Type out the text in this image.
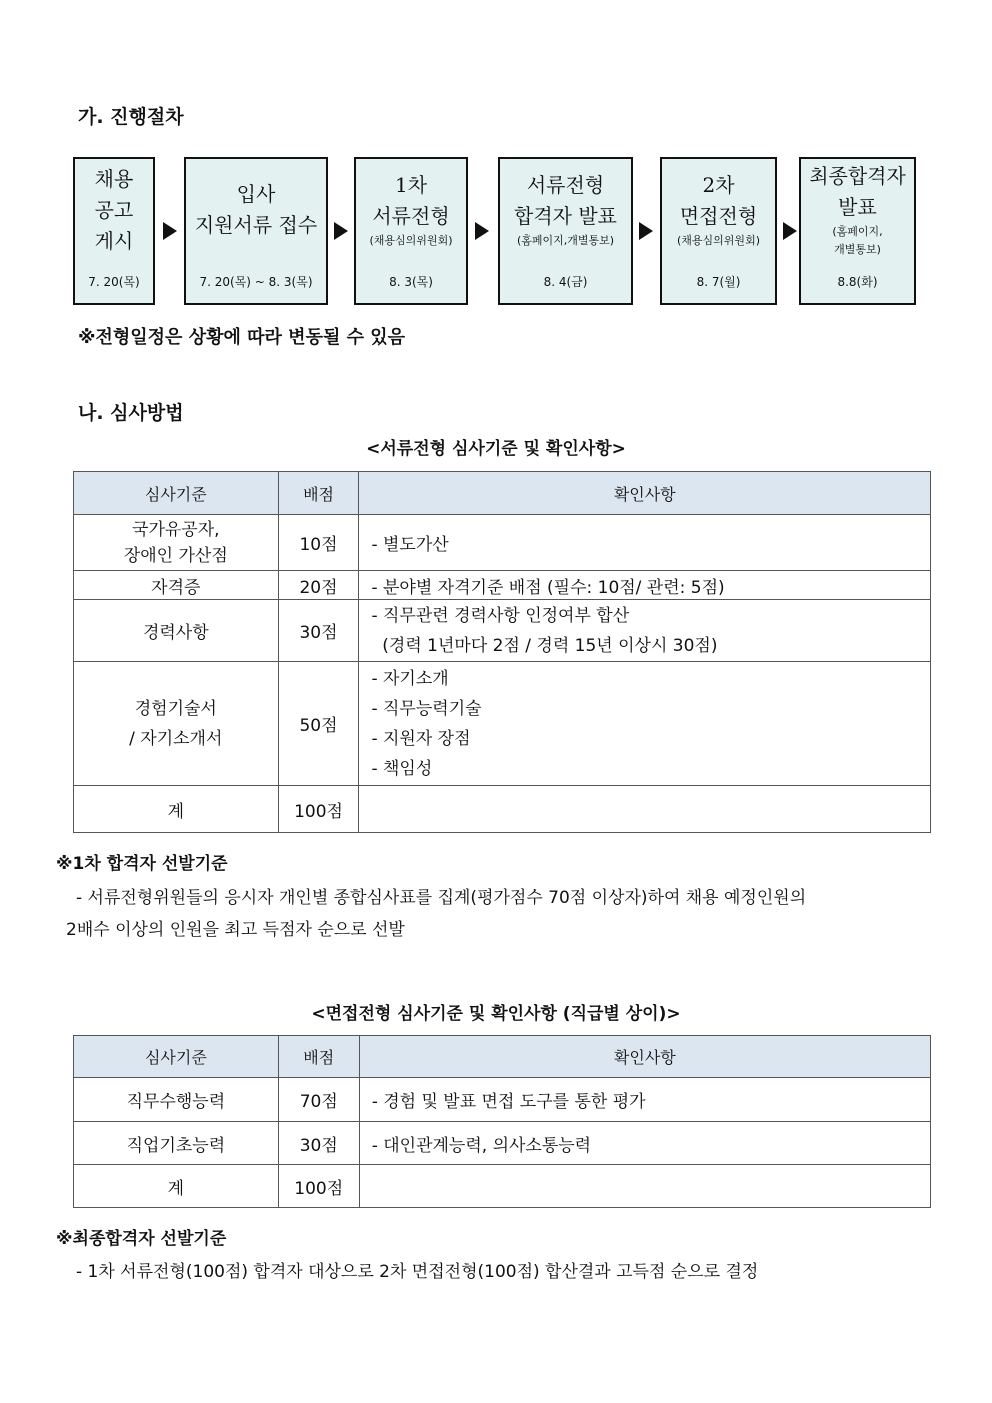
가. 진행절차
채용
공고
게시
7. 20(목)
입사
지원서류 접수
7. 20(목) ~ 8. 3(목)
1차
서류전형
(채용심의위원회)
8. 3(목)
서류전형
합격자 발표
(홈페이지,개별통보)
8. 4(금)
2차
면접전형
(채용심의위원회)
8. 7(월)
최종합격자
발표
(홈페이지,
개별통보)
8.8(화)
※전형일정은 상황에 따라 변동될 수 있음
나. 심사방법
<서류전형 심사기준 및 확인사항>
심사기준	배점	확인사항

국가유공자,
장애인 가산점	10점	- 별도가산
자격증	20점	- 분야별 자격기준 배점 (필수: 10점/ 관련: 5점)
경력사항	30점	- 직무관련 경력사항 인정여부 합산
(경력 1년마다 2점 / 경력 15년 이상시 30점)

경험기술서
/ 자기소개서	50점	- 자기소개
- 직무능력기술
- 지원자 장점
- 책임성

계	100점	
※1차 합격자 선발기준
- 서류전형위원들의 응시자 개인별 종합심사표를 집계(평가점수 70점 이상자)하여 채용 예정인원의
2배수 이상의 인원을 최고 득점자 순으로 선발
<면접전형 심사기준 및 확인사항 (직급별 상이)>
심사기준	배점	확인사항
직무수행능력	70점	- 경험 및 발표 면접 도구를 통한 평가
직업기초능력	30점	- 대인관계능력, 의사소통능력
계	100점	
※최종합격자 선발기준
- 1차 서류전형(100점) 합격자 대상으로 2차 면접전형(100점) 합산결과 고득점 순으로 결정
